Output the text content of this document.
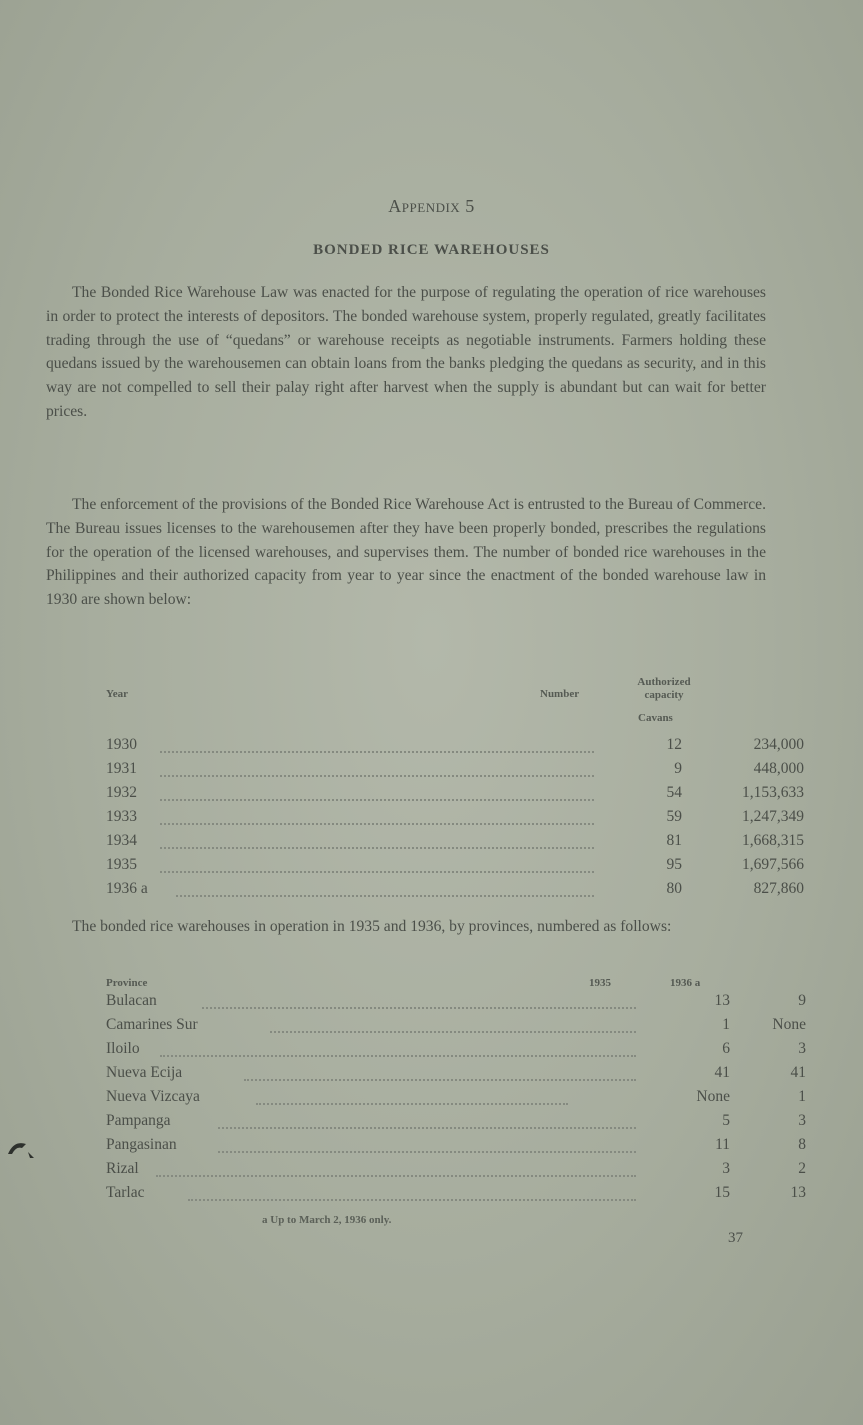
Appendix 5
BONDED RICE WAREHOUSES

The Bonded Rice Warehouse Law was enacted for the purpose of regulating the operation of rice warehouses in order to protect the interests of depositors. The bonded warehouse system, properly regulated, greatly facilitates trading through the use of “quedans” or warehouse receipts as negotiable instruments. Farmers holding these quedans issued by the warehousemen can obtain loans from the banks pledging the quedans as security, and in this way are not compelled to sell their palay right after harvest when the supply is abundant but can wait for better prices.

The enforcement of the provisions of the Bonded Rice Warehouse Act is entrusted to the Bureau of Commerce. The Bureau issues licenses to the warehousemen after they have been properly bonded, prescribes the regulations for the operation of the licensed warehouses, and supervises them. The number of bonded rice warehouses in the Philippines and their authorized capacity from year to year since the enactment of the bonded warehouse law in 1930 are shown below:

Year	Number
Authorized capacity
Cavans
1930	12	234,000
1931	9	448,000
1932	54	1,153,633
1933	59	1,247,349
1934	81	1,668,315
1935	95	1,697,566
1936 a	80	827,860

The bonded rice warehouses in operation in 1935 and 1936, by provinces, numbered as follows:

Province	1935	1936 a
Bulacan	13	9
Camarines Sur	1	None
Iloilo	6	3
Nueva Ecija	41	41
Nueva Vizcaya	None	1
Pampanga	5	3
Pangasinan	11	8
Rizal	3	2
Tarlac	15	13
a Up to March 2, 1936 only.
37
